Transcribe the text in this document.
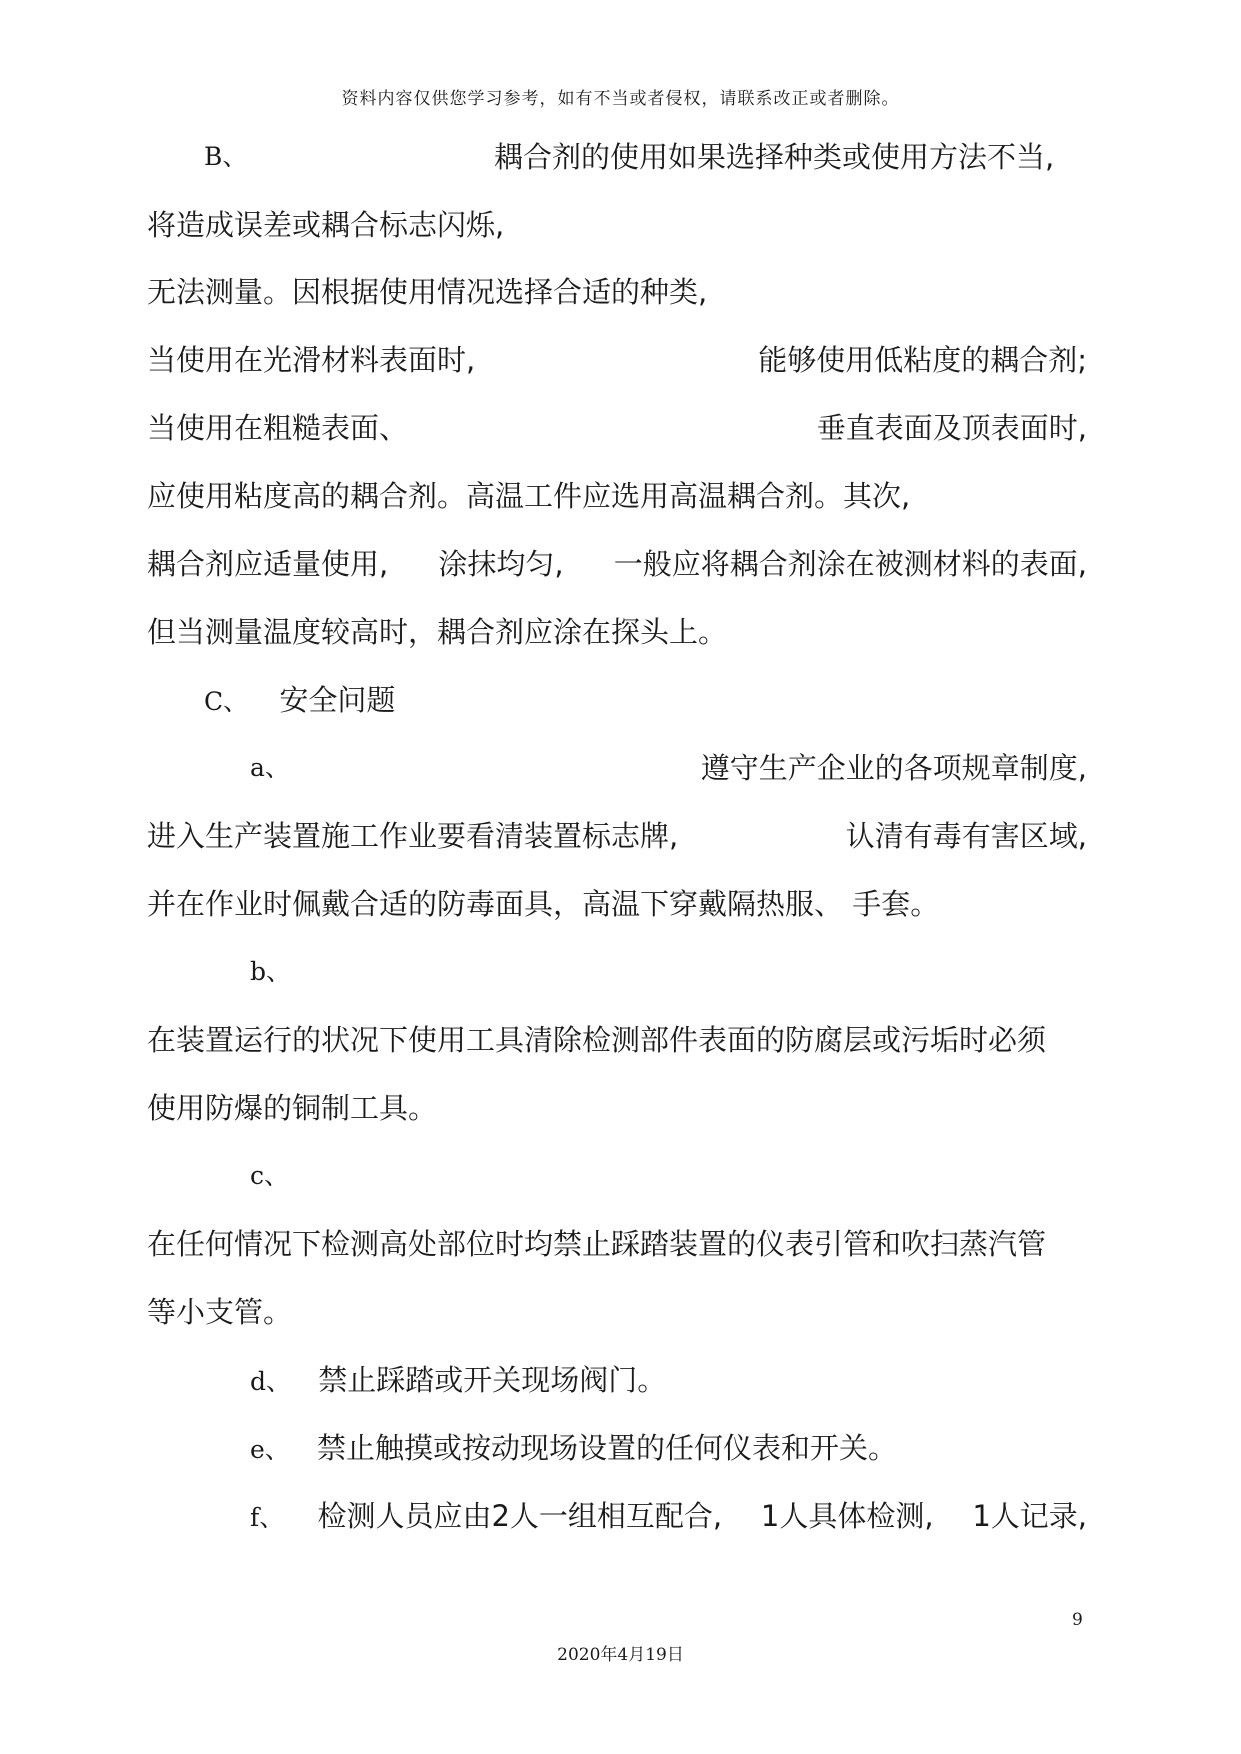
资料内容仅供您学习参考，如有不当或者侵权，请联系改正或者删除。
B、	耦合剂的使用如果选择种类或使用方法不当,
将造成误差或耦合标志闪烁,
无法测量。因根据使用情况选择合适的种类,
当使用在光滑材料表面时,	能够使用低粘度的耦合剂;
当使用在粗糙表面、	垂直表面及顶表面时,
应使用粘度高的耦合剂。高温工件应选用高温耦合剂。其次,
耦合剂应适量使用, 涂抹均匀, 一般应将耦合剂涂在被测材料的表面,
但当测量温度较高时，耦合剂应涂在探头上。
C、 安全问题
a、	遵守生产企业的各项规章制度,
进入生产装置施工作业要看清装置标志牌,	认清有毒有害区域,
并在作业时佩戴合适的防毒面具，高温下穿戴隔热服、 手套。
b、
在装置运行的状况下使用工具清除检测部件表面的防腐层或污垢时必须
使用防爆的铜制工具。
c、
在任何情况下检测高处部位时均禁止踩踏装置的仪表引管和吹扫蒸汽管
等小支管。
d、 禁止踩踏或开关现场阀门。
e、 禁止触摸或按动现场设置的任何仪表和开关。
f、 检测人员应由2人一组相互配合, 1人具体检测, 1人记录,
9
2020年4月19日
